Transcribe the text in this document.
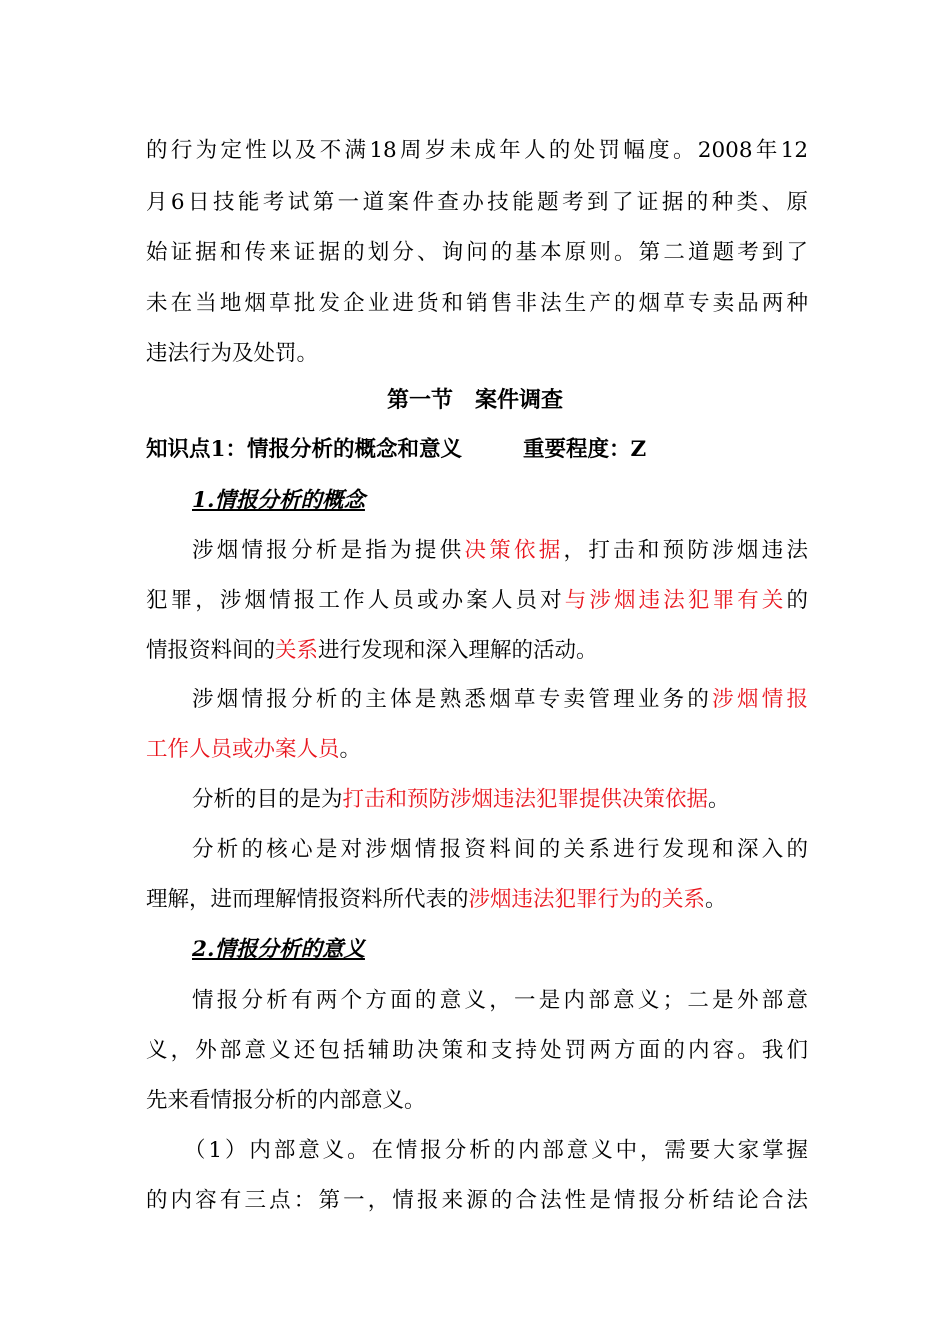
的行为定性以及不满18周岁未成年人的处罚幅度。2008年12
月6日技能考试第一道案件查办技能题考到了证据的种类、原
始证据和传来证据的划分、询问的基本原则。第二道题考到了
未在当地烟草批发企业进货和销售非法生产的烟草专卖品两种
违法行为及处罚。
第一节　案件调查
知识点1：情报分析的概念和意义	重要程度：Z
1.情报分析的概念
涉烟情报分析是指为提供决策依据，打击和预防涉烟违法
犯罪，涉烟情报工作人员或办案人员对与涉烟违法犯罪有关的
情报资料间的关系进行发现和深入理解的活动。
涉烟情报分析的主体是熟悉烟草专卖管理业务的涉烟情报
工作人员或办案人员。
分析的目的是为打击和预防涉烟违法犯罪提供决策依据。
分析的核心是对涉烟情报资料间的关系进行发现和深入的
理解，进而理解情报资料所代表的涉烟违法犯罪行为的关系。
2.情报分析的意义
情报分析有两个方面的意义，一是内部意义；二是外部意
义，外部意义还包括辅助决策和支持处罚两方面的内容。我们
先来看情报分析的内部意义。
（1）内部意义。在情报分析的内部意义中，需要大家掌握
的内容有三点：第一，情报来源的合法性是情报分析结论合法
